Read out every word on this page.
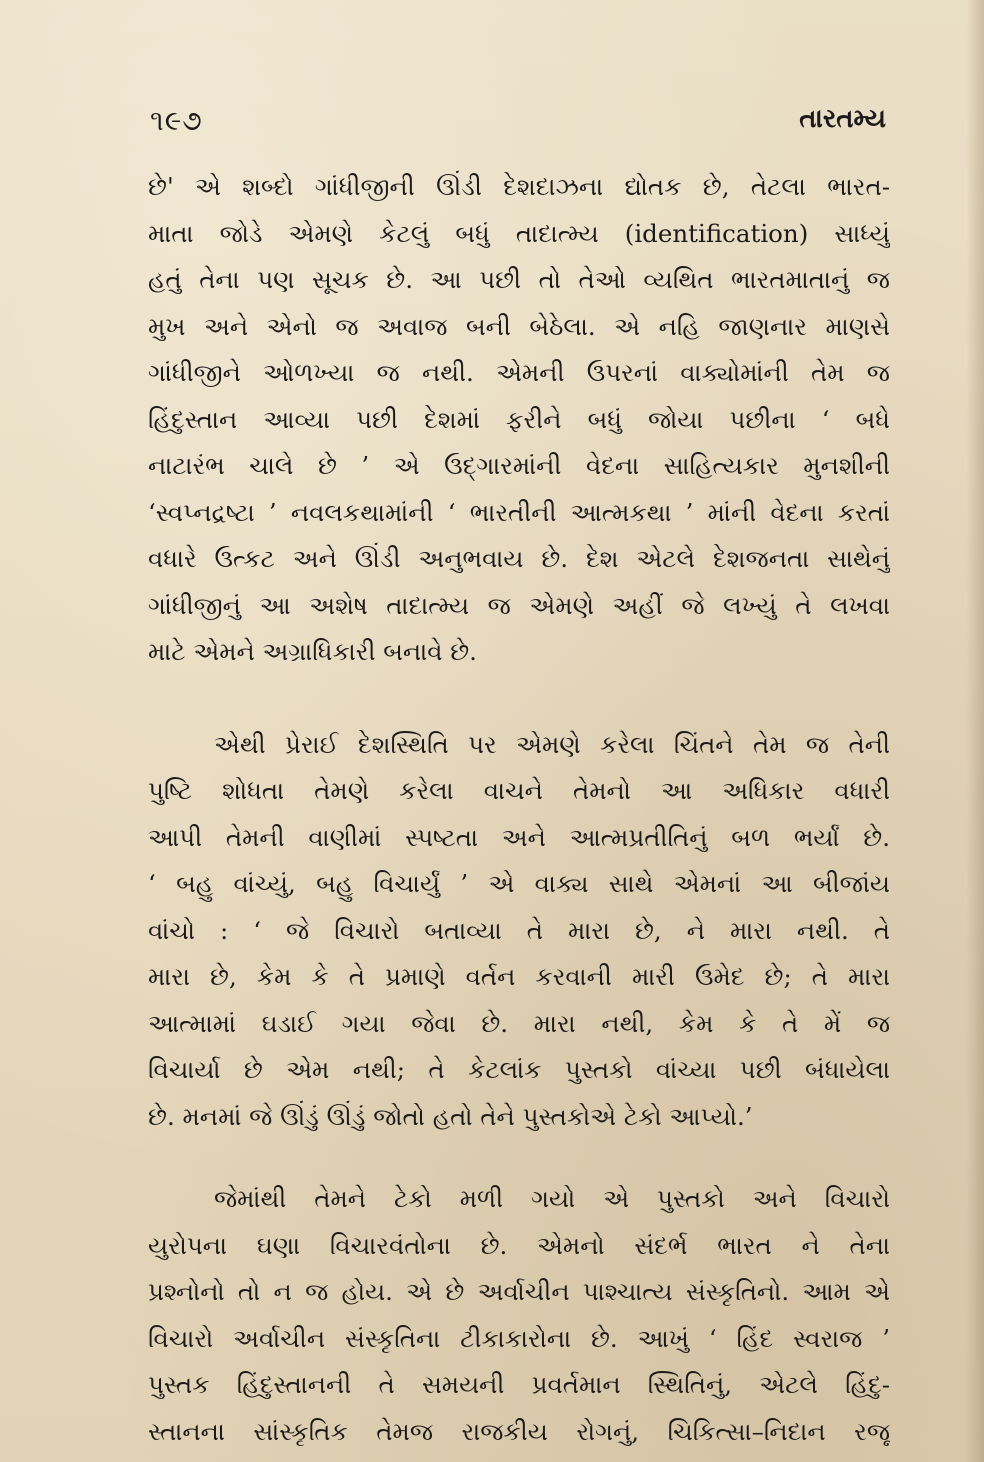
૧૯૭	તારતમ્ય
છે' એ શબ્દો ગાંધીજીની ઊંડી દેશદાઝના દ્યોતક છે, તેટલા ભારત-
માતા જોડે એમણે કેટલું બધું તાદાત્મ્ય (identification) સાધ્યું
હતું તેના પણ સૂચક છે. આ પછી તો તેઓ વ્યથિત ભારતમાતાનું જ
મુખ અને એનો જ અવાજ બની બેઠેલા. એ નહિ જાણનાર માણસે
ગાંધીજીને ઓળખ્યા જ નથી. એમની ઉપરનાં વાક્યોમાંની તેમ જ
હિંદુસ્તાન આવ્યા પછી દેશમાં ફરીને બધું જોયા પછીના ‘ બધે
નાટારંભ ચાલે છે ’ એ ઉદ્ગારમાંની વેદના સાહિત્યકાર મુનશીની
‘સ્વપ્નદ્રષ્ટા ’ નવલકથામાંની ‘ ભારતીની આત્મકથા ’ માંની વેદના કરતાં
વધારે ઉત્કટ અને ઊંડી અનુભવાય છે. દેશ એટલે દેશજનતા સાથેનું
ગાંધીજીનું આ અશેષ તાદાત્મ્ય જ એમણે અહીં જે લખ્યું તે લખવા
માટે એમને અગ્રાધિકારી બનાવે છે.
એથી પ્રેરાઈ દેશસ્થિતિ પર એમણે કરેલા ચિંતને તેમ જ તેની
પુષ્ટિ શોધતા તેમણે કરેલા વાચને તેમનો આ અધિકાર વધારી
આપી તેમની વાણીમાં સ્પષ્ટતા અને આત્મપ્રતીતિનું બળ ભર્યાં છે.
‘ બહુ વાંચ્યું, બહુ વિચાર્યું ’ એ વાક્ય સાથે એમનાં આ બીજાંય
વાંચો : ‘ જે વિચારો બતાવ્યા તે મારા છે, ને મારા નથી. તે
મારા છે, કેમ કે તે પ્રમાણે વર્તન કરવાની મારી ઉમેદ છે; તે મારા
આત્મામાં ઘડાઈ ગયા જેવા છે. મારા નથી, કેમ કે તે મેં જ
વિચાર્યા છે એમ નથી; તે કેટલાંક પુસ્તકો વાંચ્યા પછી બંધાયેલા
છે. મનમાં જે ઊંડું ઊંડું જોતો હતો તેને પુસ્તકોએ ટેકો આપ્યો.’
જેમાંથી તેમને ટેકો મળી ગયો એ પુસ્તકો અને વિચારો
યુરોપના ઘણા વિચારવંતોના છે. એમનો સંદર્ભ ભારત ને તેના
પ્રશ્નોનો તો ન જ હોય. એ છે અર્વાચીન પાશ્ચાત્ય સંસ્કૃતિનો. આમ એ
વિચારો અર્વાચીન સંસ્કૃતિના ટીકાકારોના છે. આખું ‘ હિંદ સ્વરાજ ’
પુસ્તક હિંદુસ્તાનની તે સમયની પ્રવર્તમાન સ્થિતિનું, એટલે હિંદુ-
સ્તાનના સાંસ્કૃતિક તેમજ રાજકીય રોગનું, ચિકિત્સા–નિદાન રજૂ
